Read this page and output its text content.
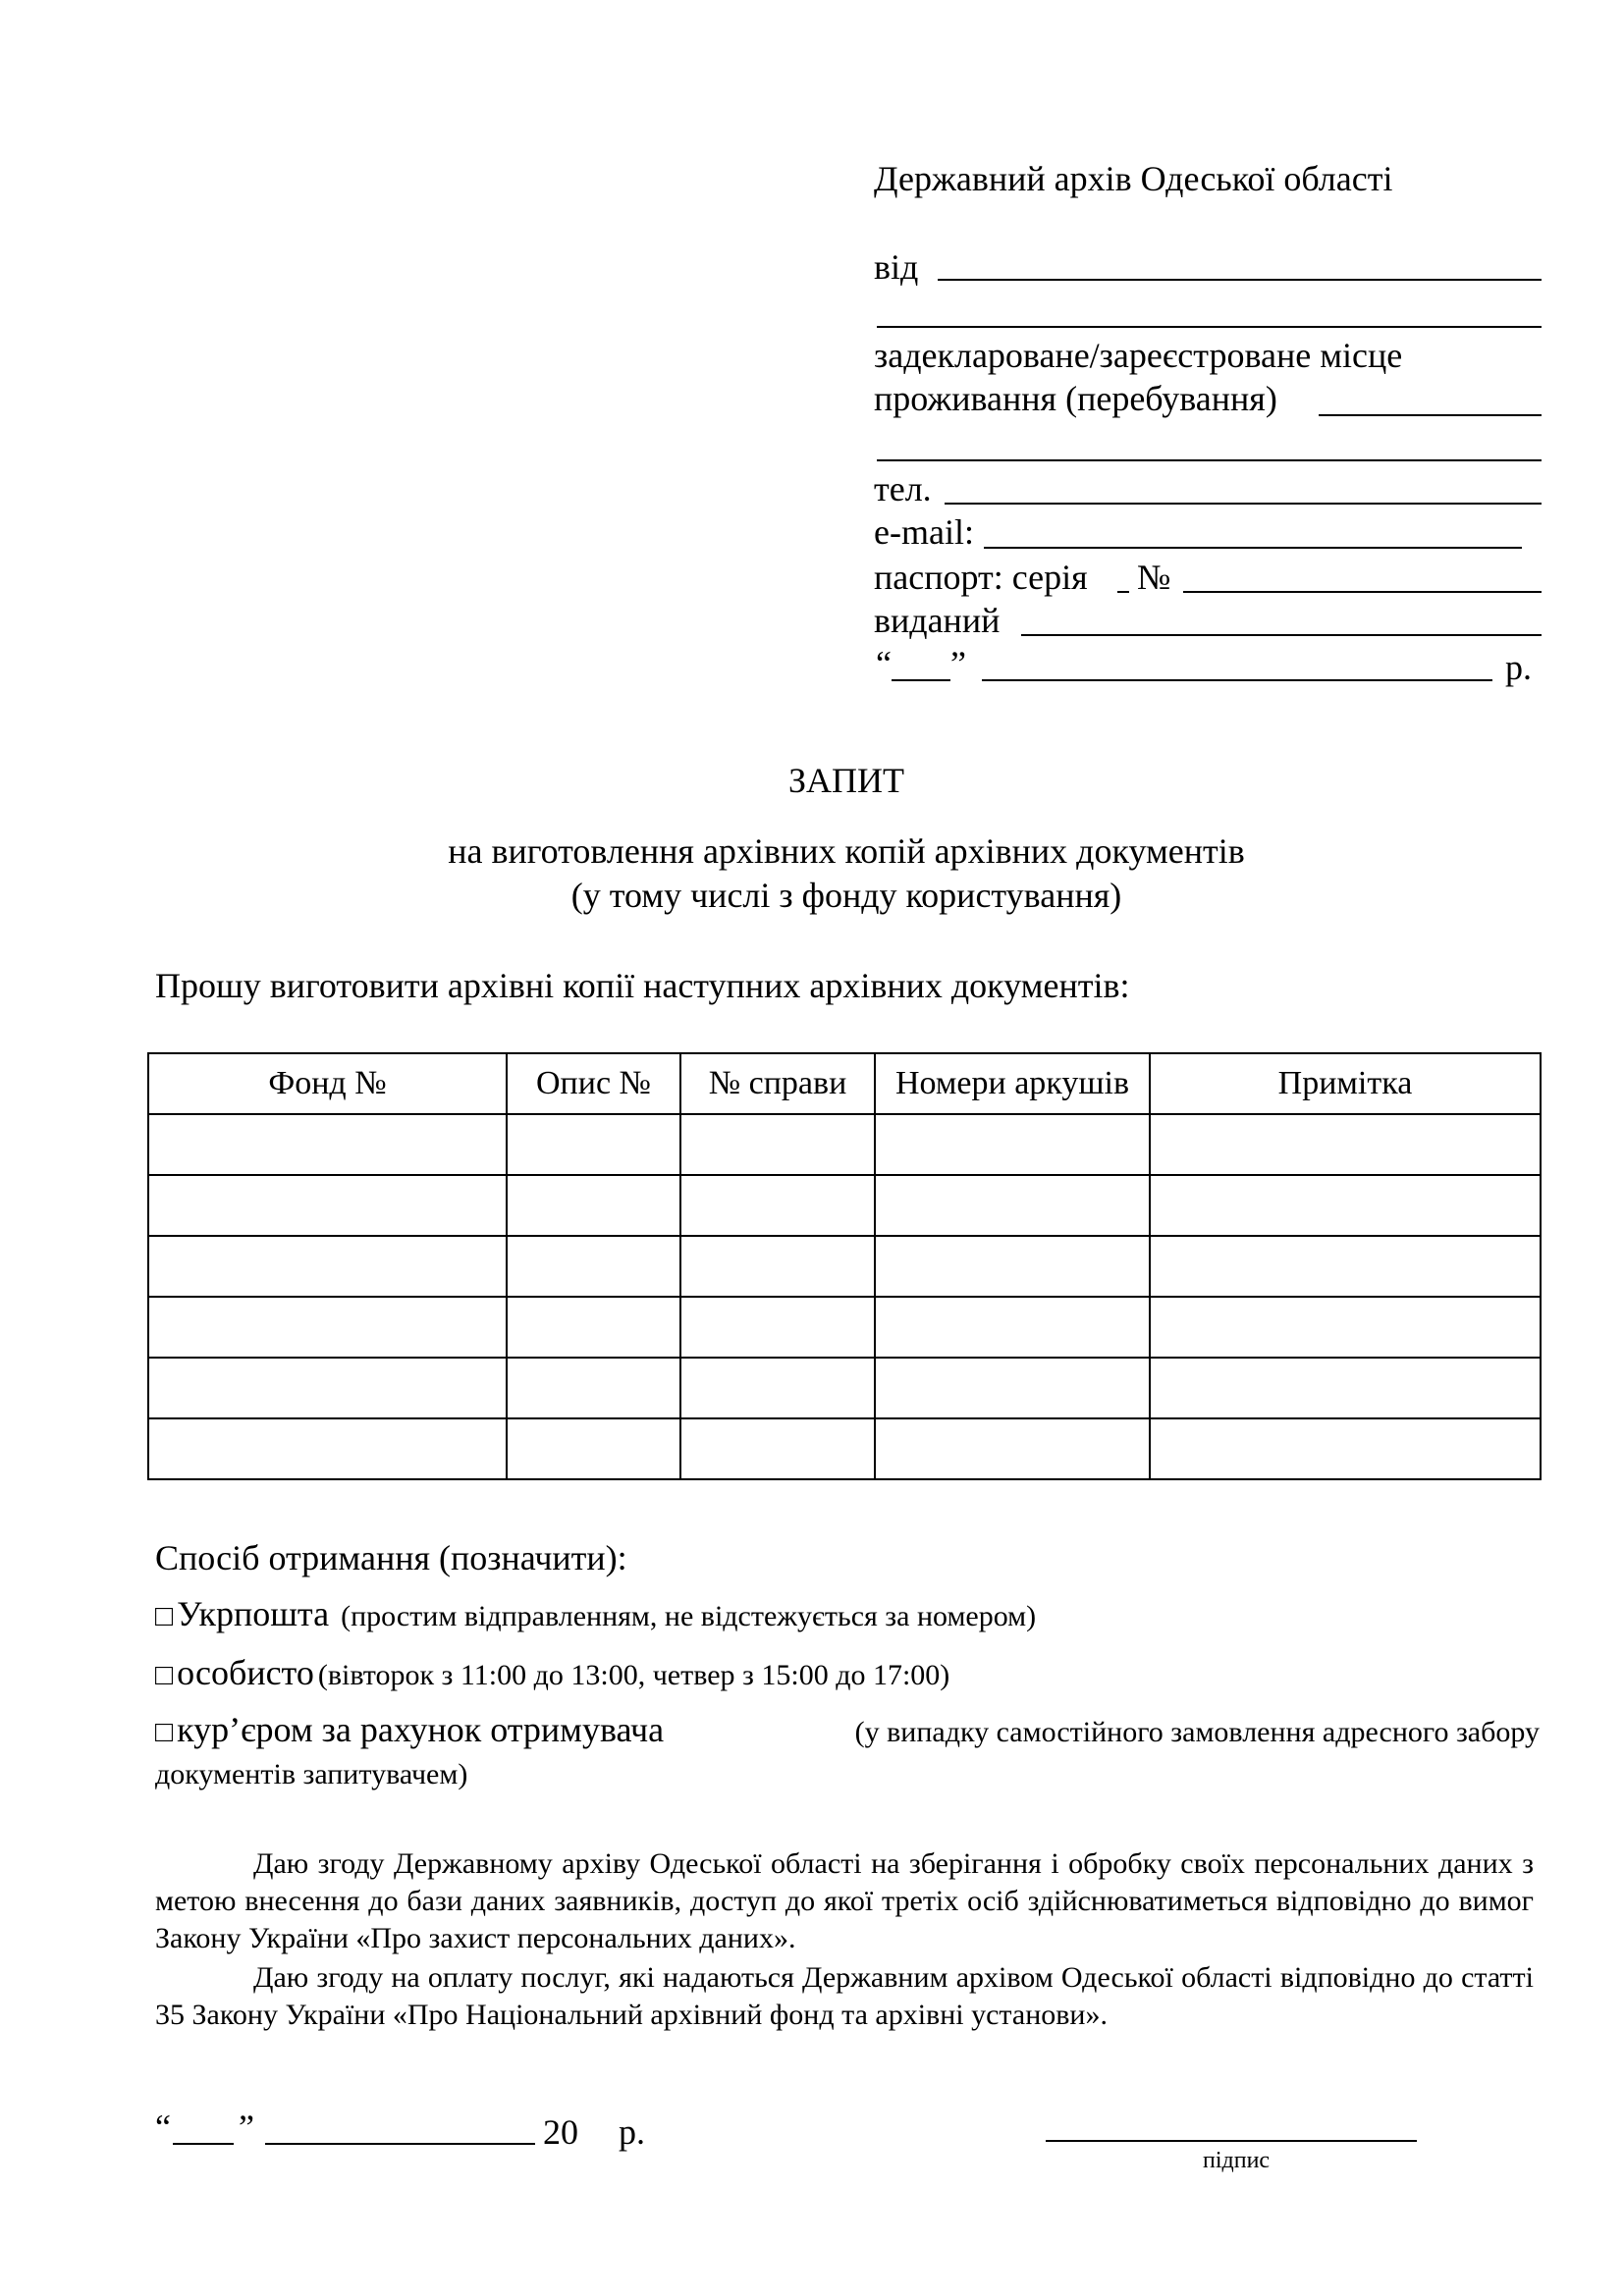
Державний архів Одеської області
від
задекларoване/зареєстроване місце
проживання (перебування)
тел.
e-mail:
паспорт: серія №
виданий
“ ”	р.
ЗАПИТ
на виготовлення архівних копій архівних документів
(у тому числі з фонду користування)
Прошу виготовити архівні копії наступних архівних документів:
Фонд №	Опис №	№ справи	Номери аркушів	Примітка

Спосіб отримання (позначити):
□ Укрпошта (простим відправленням, не відстежується за номером)
□ особисто (вівторок з 11:00 до 13:00, четвер з 15:00 до 17:00)
□ кур’єром за рахунок отримувача	(у випадку самостійного замовлення адресного забору
документів запитувачем)
Даю згоду Державному архіву Одеської області на зберігання і обробку своїх персональних даних з метою внесення до бази даних заявників, доступ до якої третіх осіб здійснюватиметься відповідно до вимог Закону України «Про захист персональних даних».
Даю згоду на оплату послуг, які надаються Державним архівом Одеської області відповідно до статті 35 Закону України «Про Національний архівний фонд та архівні установи».
“ ”	20 р.
підпис
